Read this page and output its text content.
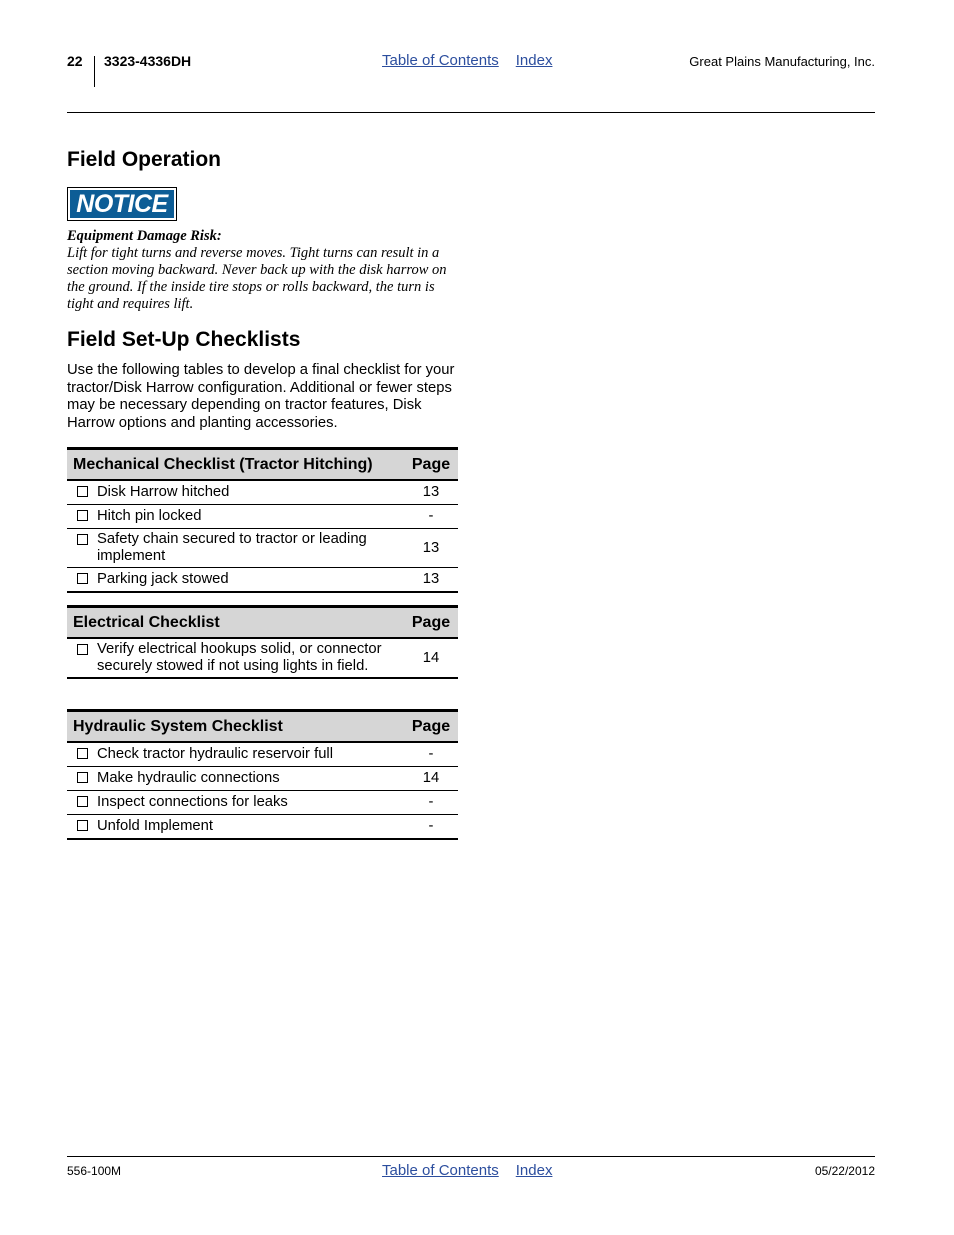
22 3323-4336DH	Table of Contents Index	Great Plains Manufacturing, Inc.
Field Operation
NOTICE
Equipment Damage Risk:
Lift for tight turns and reverse moves. Tight turns can result in a section moving backward. Never back up with the disk harrow on the ground. If the inside tire stops or rolls backward, the turn is tight and requires lift.
Field Set-Up Checklists
Use the following tables to develop a final checklist for your tractor/Disk Harrow configuration. Additional or fewer steps may be necessary depending on tractor features, Disk Harrow options and planting accessories.
Mechanical Checklist (Tractor Hitching)		Page
	Disk Harrow hitched	13
	Hitch pin locked	-
	Safety chain secured to tractor or leading implement	13
	Parking jack stowed	13
Electrical Checklist		Page
	Verify electrical hookups solid, or connector securely stowed if not using lights in field.	14
Hydraulic System Checklist		Page
	Check tractor hydraulic reservoir full	-
	Make hydraulic connections	14
	Inspect connections for leaks	-
	Unfold Implement	-
556-100M	Table of Contents Index	05/22/2012
